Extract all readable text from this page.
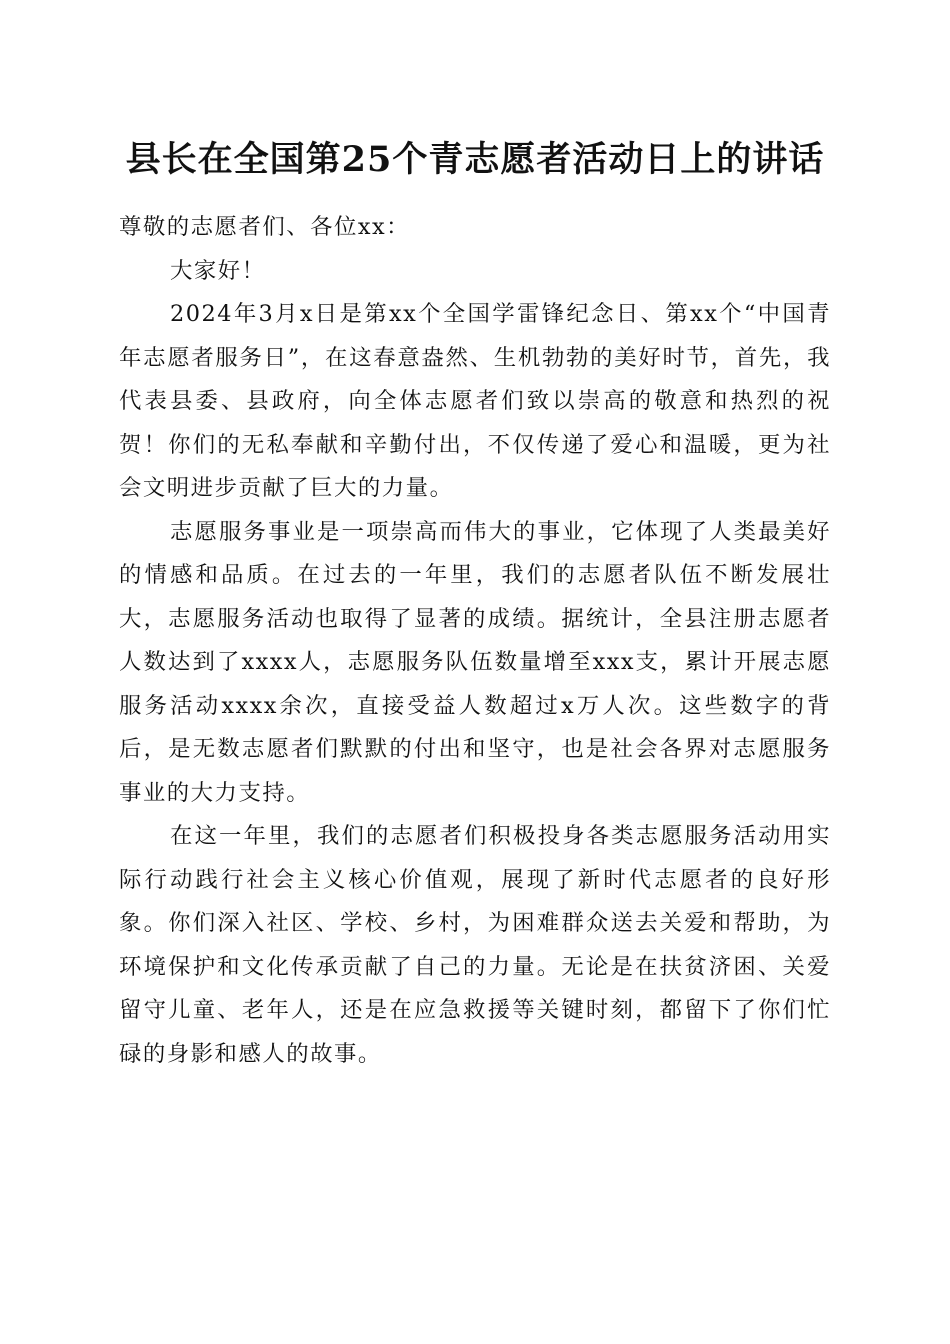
县长在全国第25个青志愿者活动日上的讲话

尊敬的志愿者们、各位xx：

大家好！

2024年3月x日是第xx个全国学雷锋纪念日、第xx个“中国青年志愿者服务日”，在这春意盎然、生机勃勃的美好时节，首先，我代表县委、县政府，向全体志愿者们致以崇高的敬意和热烈的祝贺！你们的无私奉献和辛勤付出，不仅传递了爱心和温暖，更为社会文明进步贡献了巨大的力量。

志愿服务事业是一项崇高而伟大的事业，它体现了人类最美好的情感和品质。在过去的一年里，我们的志愿者队伍不断发展壮大，志愿服务活动也取得了显著的成绩。据统计，全县注册志愿者人数达到了xxxx人，志愿服务队伍数量增至xxx支，累计开展志愿服务活动xxxx余次，直接受益人数超过x万人次。这些数字的背后，是无数志愿者们默默的付出和坚守，也是社会各界对志愿服务事业的大力支持。

在这一年里，我们的志愿者们积极投身各类志愿服务活动用实际行动践行社会主义核心价值观，展现了新时代志愿者的良好形象。你们深入社区、学校、乡村，为困难群众送去关爱和帮助，为环境保护和文化传承贡献了自己的力量。无论是在扶贫济困、关爱留守儿童、老年人，还是在应急救援等关键时刻，都留下了你们忙碌的身影和感人的故事。
